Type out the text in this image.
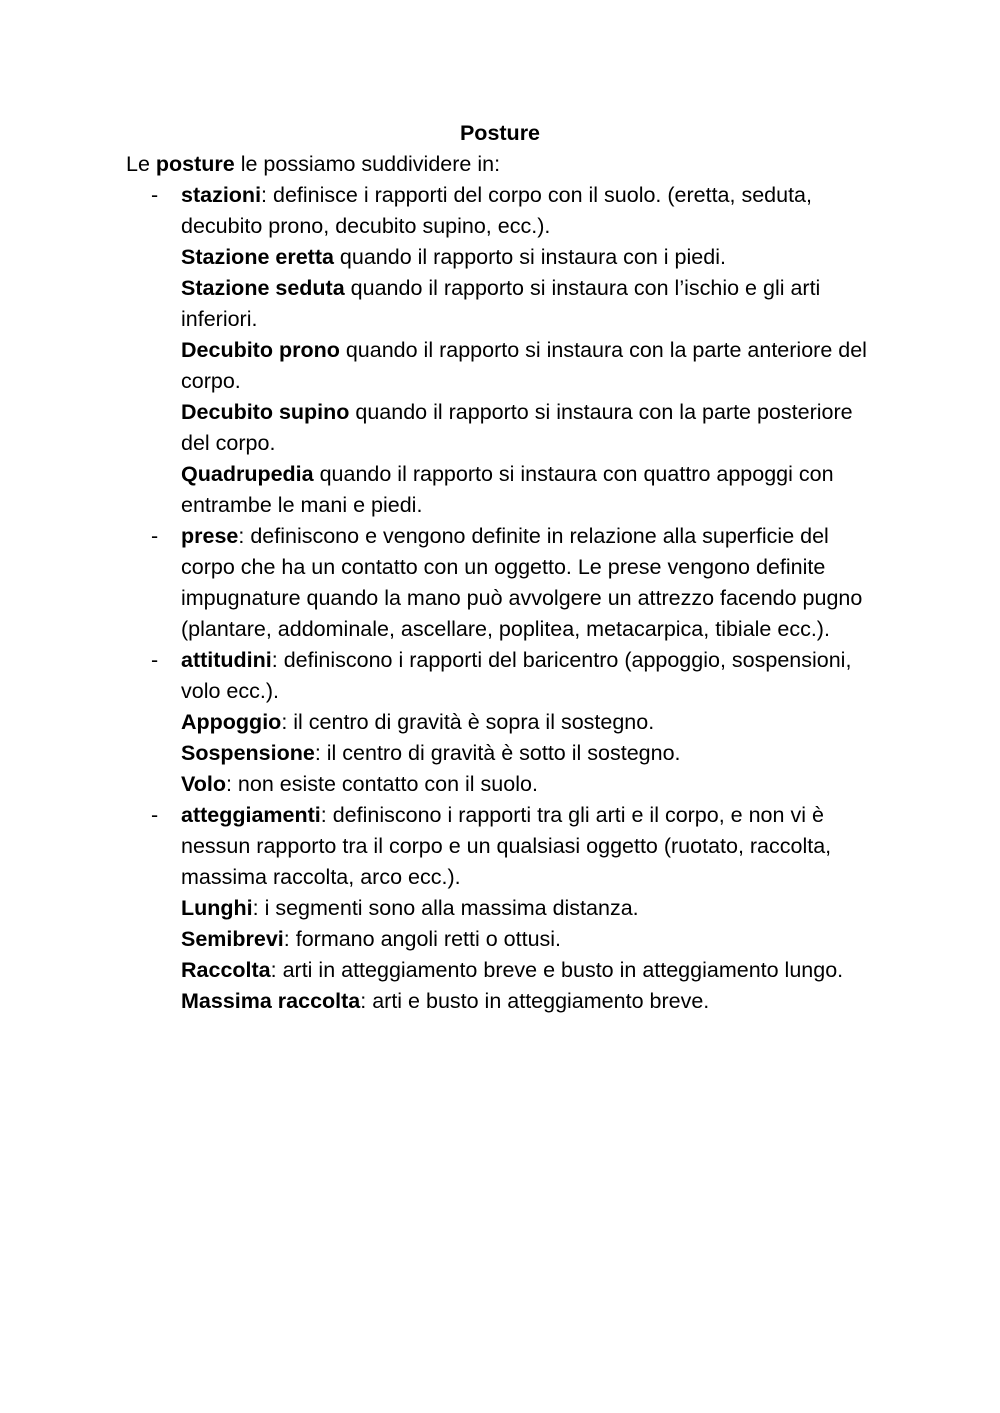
Posture
Le posture le possiamo suddividere in:
- stazioni: definisce i rapporti del corpo con il suolo. (eretta, seduta, decubito prono, decubito supino, ecc.).
Stazione eretta quando il rapporto si instaura con i piedi.
Stazione seduta quando il rapporto si instaura con l’ischio e gli arti inferiori.
Decubito prono quando il rapporto si instaura con la parte anteriore del corpo.
Decubito supino quando il rapporto si instaura con la parte posteriore del corpo.
Quadrupedia quando il rapporto si instaura con quattro appoggi con entrambe le mani e piedi.
- prese: definiscono e vengono definite in relazione alla superficie del corpo che ha un contatto con un oggetto. Le prese vengono definite impugnature quando la mano può avvolgere un attrezzo facendo pugno (plantare, addominale, ascellare, poplitea, metacarpica, tibiale ecc.).
- attitudini: definiscono i rapporti del baricentro (appoggio, sospensioni, volo ecc.).
Appoggio: il centro di gravità è sopra il sostegno.
Sospensione: il centro di gravità è sotto il sostegno.
Volo: non esiste contatto con il suolo.
- atteggiamenti: definiscono i rapporti tra gli arti e il corpo, e non vi è nessun rapporto tra il corpo e un qualsiasi oggetto (ruotato, raccolta, massima raccolta, arco ecc.).
Lunghi: i segmenti sono alla massima distanza.
Semibrevi: formano angoli retti o ottusi.
Raccolta: arti in atteggiamento breve e busto in atteggiamento lungo.
Massima raccolta: arti e busto in atteggiamento breve.
